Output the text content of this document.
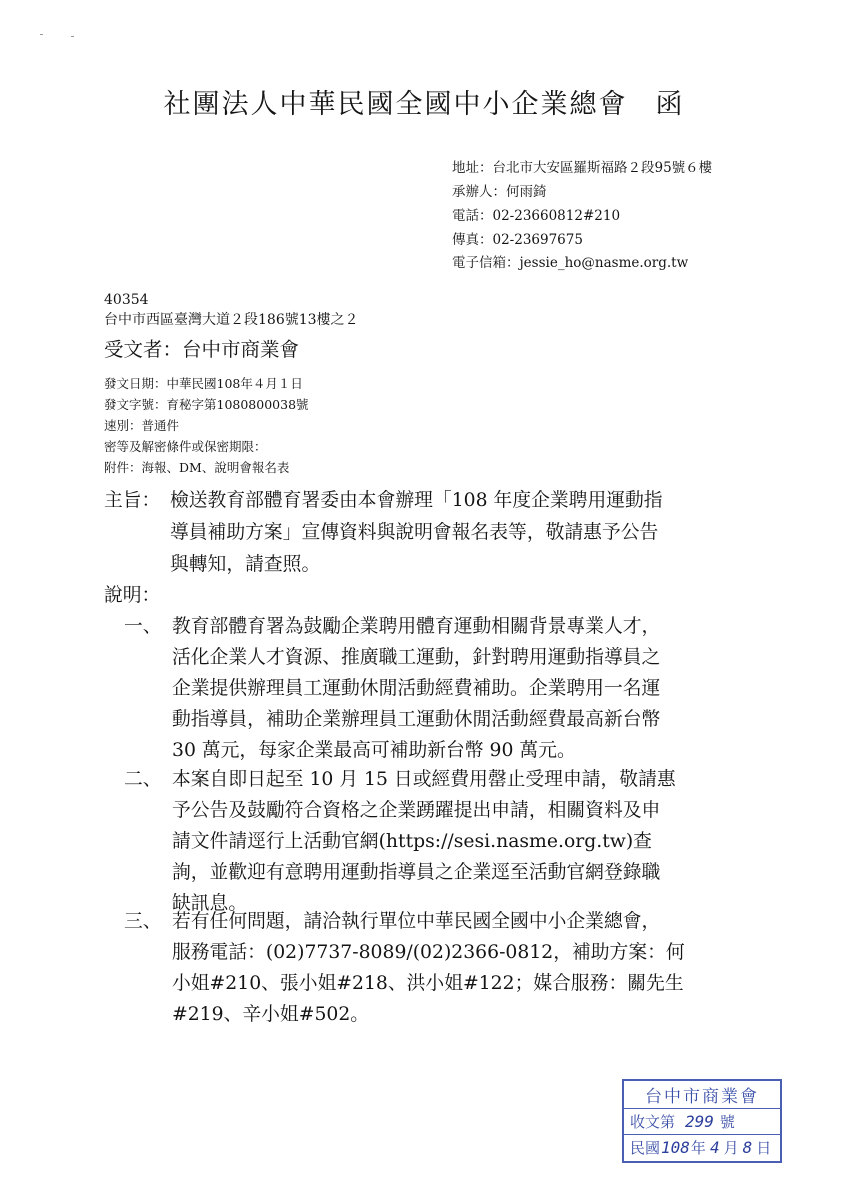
社團法人中華民國全國中小企業總會 函
地址：台北市大安區羅斯福路２段95號６樓
承辦人：何雨錡
電話：02-23660812#210
傳真：02-23697675
電子信箱：jessie_ho@nasme.org.tw
40354
台中市西區臺灣大道２段186號13樓之２
受文者：台中市商業會
發文日期：中華民國108年４月１日
發文字號：育秘字第1080800038號
速別：普通件
密等及解密條件或保密期限：
附件：海報、DM、說明會報名表
主旨： 檢送教育部體育署委由本會辦理「108 年度企業聘用運動指
導員補助方案」宣傳資料與說明會報名表等，敬請惠予公告
與轉知，請查照。
說明：
一、 教育部體育署為鼓勵企業聘用體育運動相關背景專業人才，
活化企業人才資源、推廣職工運動，針對聘用運動指導員之
企業提供辦理員工運動休閒活動經費補助。企業聘用一名運
動指導員，補助企業辦理員工運動休閒活動經費最高新台幣
30 萬元，每家企業最高可補助新台幣 90 萬元。
二、 本案自即日起至 10 月 15 日或經費用罄止受理申請，敬請惠
予公告及鼓勵符合資格之企業踴躍提出申請，相關資料及申
請文件請逕行上活動官網(https://sesi.nasme.org.tw)查
詢，並歡迎有意聘用運動指導員之企業逕至活動官網登錄職
缺訊息。
三、 若有任何問題，請洽執行單位中華民國全國中小企業總會，
服務電話：(02)7737-8089/(02)2366-0812，補助方案：何
小姐#210、張小姐#218、洪小姐#122；媒合服務：關先生
#219、辛小姐#502。
台中市商業會
收文第 299 號
民國 108 年 4 月 8 日
